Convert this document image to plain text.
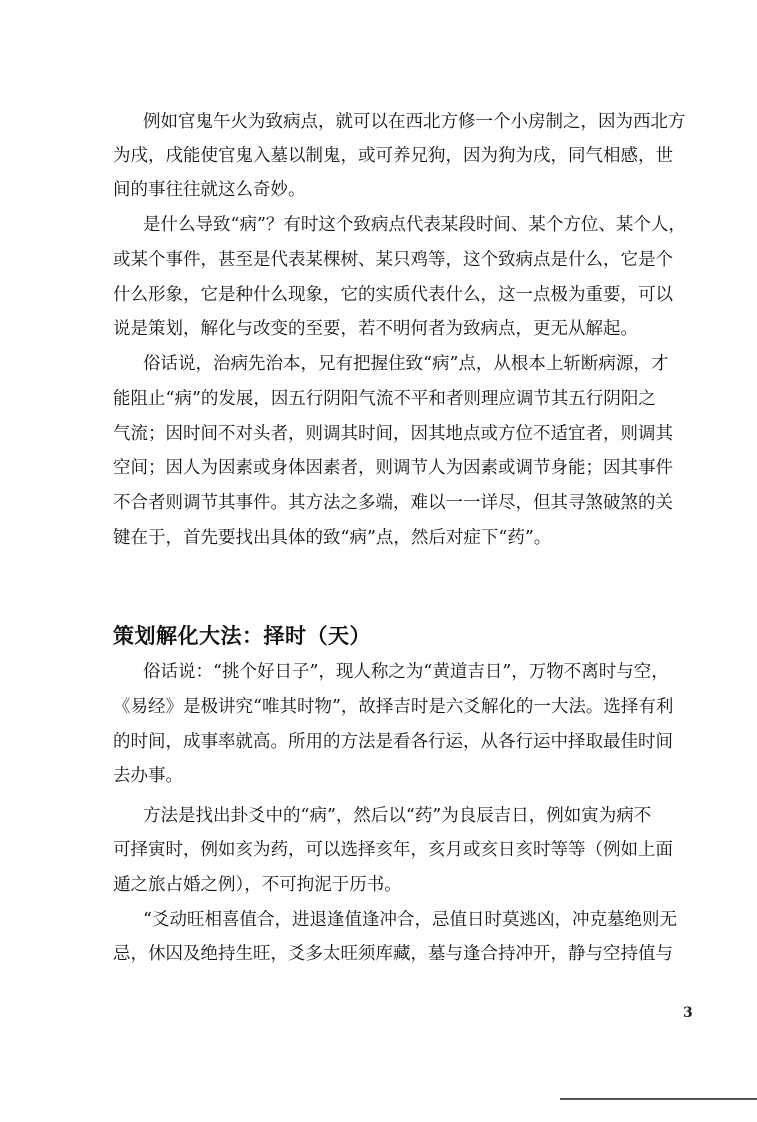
例如官鬼午火为致病点，就可以在西北方修一个小房制之，因为西北方
为戌，戌能使官鬼入墓以制鬼，或可养兄狗，因为狗为戌，同气相感，世
间的事往往就这么奇妙。
是什么导致“病”？有时这个致病点代表某段时间、某个方位、某个人，
或某个事件，甚至是代表某棵树、某只鸡等，这个致病点是什么，它是个
什么形象，它是种什么现象，它的实质代表什么，这一点极为重要，可以
说是策划，解化与改变的至要，若不明何者为致病点，更无从解起。
俗话说，治病先治本，兄有把握住致“病”点，从根本上斩断病源，才
能阻止“病”的发展，因五行阴阳气流不平和者则理应调节其五行阴阳之
气流；因时间不对头者，则调其时间，因其地点或方位不适宜者，则调其
空间；因人为因素或身体因素者，则调节人为因素或调节身能；因其事件
不合者则调节其事件。其方法之多端，难以一一详尽，但其寻煞破煞的关
键在于，首先要找出具体的致“病”点，然后对症下“药”。
策划解化大法：择时（天）
俗话说：“挑个好日子”，现人称之为“黄道吉日”，万物不离时与空，
《易经》是极讲究“唯其时物”，故择吉时是六爻解化的一大法。选择有利
的时间，成事率就高。所用的方法是看各行运，从各行运中择取最佳时间
去办事。
方法是找出卦爻中的“病”，然后以“药”为良辰吉日，例如寅为病不
可择寅时，例如亥为药，可以选择亥年，亥月或亥日亥时等等（例如上面
遁之旅占婚之例），不可拘泥于历书。
“爻动旺相喜值合，进退逢值逢冲合，忌值日时莫逃凶，冲克墓绝则无
忌，休囚及绝持生旺，爻多太旺须库藏，墓与逢合持冲开，静与空持值与
3
